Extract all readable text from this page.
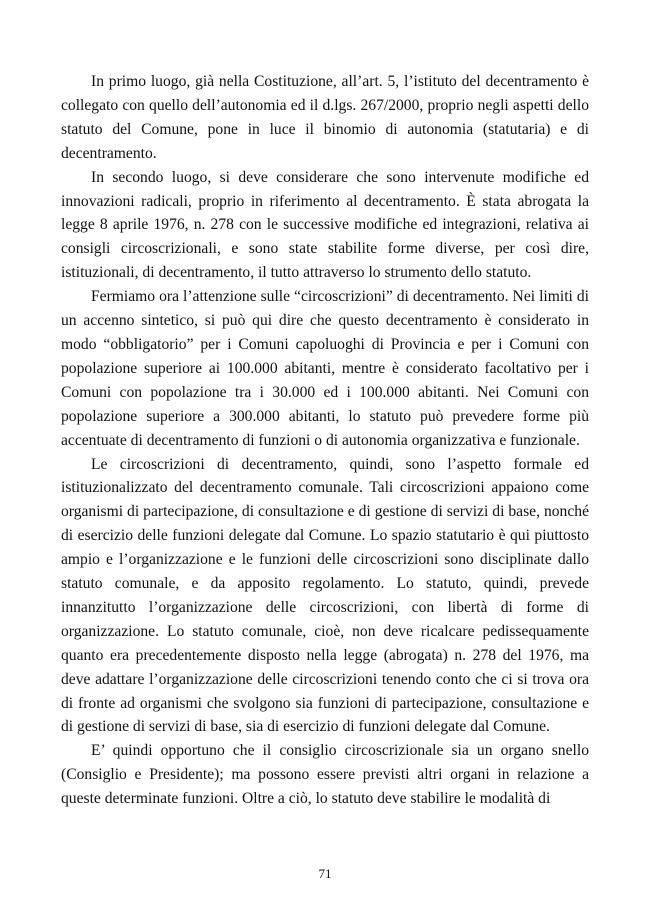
In primo luogo, già nella Costituzione, all’art. 5, l’istituto del decentramento è collegato con quello dell’autonomia ed il d.lgs. 267/2000, proprio negli aspetti dello statuto del Comune, pone in luce il binomio di autonomia (statutaria) e di decentramento.

In secondo luogo, si deve considerare che sono intervenute modifiche ed innovazioni radicali, proprio in riferimento al decentramento. È stata abrogata la legge 8 aprile 1976, n. 278 con le successive modifiche ed integrazioni, relativa ai consigli circoscrizionali, e sono state stabilite forme diverse, per così dire, istituzionali, di decentramento, il tutto attraverso lo strumento dello statuto.

Fermiamo ora l’attenzione sulle “circoscrizioni” di decentramento. Nei limiti di un accenno sintetico, si può qui dire che questo decentramento è considerato in modo “obbligatorio” per i Comuni capoluoghi di Provincia e per i Comuni con popolazione superiore ai 100.000 abitanti, mentre è considerato facoltativo per i Comuni con popolazione tra i 30.000 ed i 100.000 abitanti. Nei Comuni con popolazione superiore a 300.000 abitanti, lo statuto può prevedere forme più accentuate di decentramento di funzioni o di autonomia organizzativa e funzionale.

Le circoscrizioni di decentramento, quindi, sono l’aspetto formale ed istituzionalizzato del decentramento comunale. Tali circoscrizioni appaiono come organismi di partecipazione, di consultazione e di gestione di servizi di base, nonché di esercizio delle funzioni delegate dal Comune. Lo spazio statutario è qui piuttosto ampio e l’organizzazione e le funzioni delle circoscrizioni sono disciplinate dallo statuto comunale, e da apposito regolamento. Lo statuto, quindi, prevede innanzitutto l’organizzazione delle circoscrizioni, con libertà di forme di organizzazione. Lo statuto comunale, cioè, non deve ricalcare pedissequamente quanto era precedentemente disposto nella legge (abrogata) n. 278 del 1976, ma deve adattare l’organizzazione delle circoscrizioni tenendo conto che ci si trova ora di fronte ad organismi che svolgono sia funzioni di partecipazione, consultazione e di gestione di servizi di base, sia di esercizio di funzioni delegate dal Comune.

E’ quindi opportuno che il consiglio circoscrizionale sia un organo snello (Consiglio e Presidente); ma possono essere previsti altri organi in relazione a queste determinate funzioni. Oltre a ciò, lo statuto deve stabilire le modalità di

71
